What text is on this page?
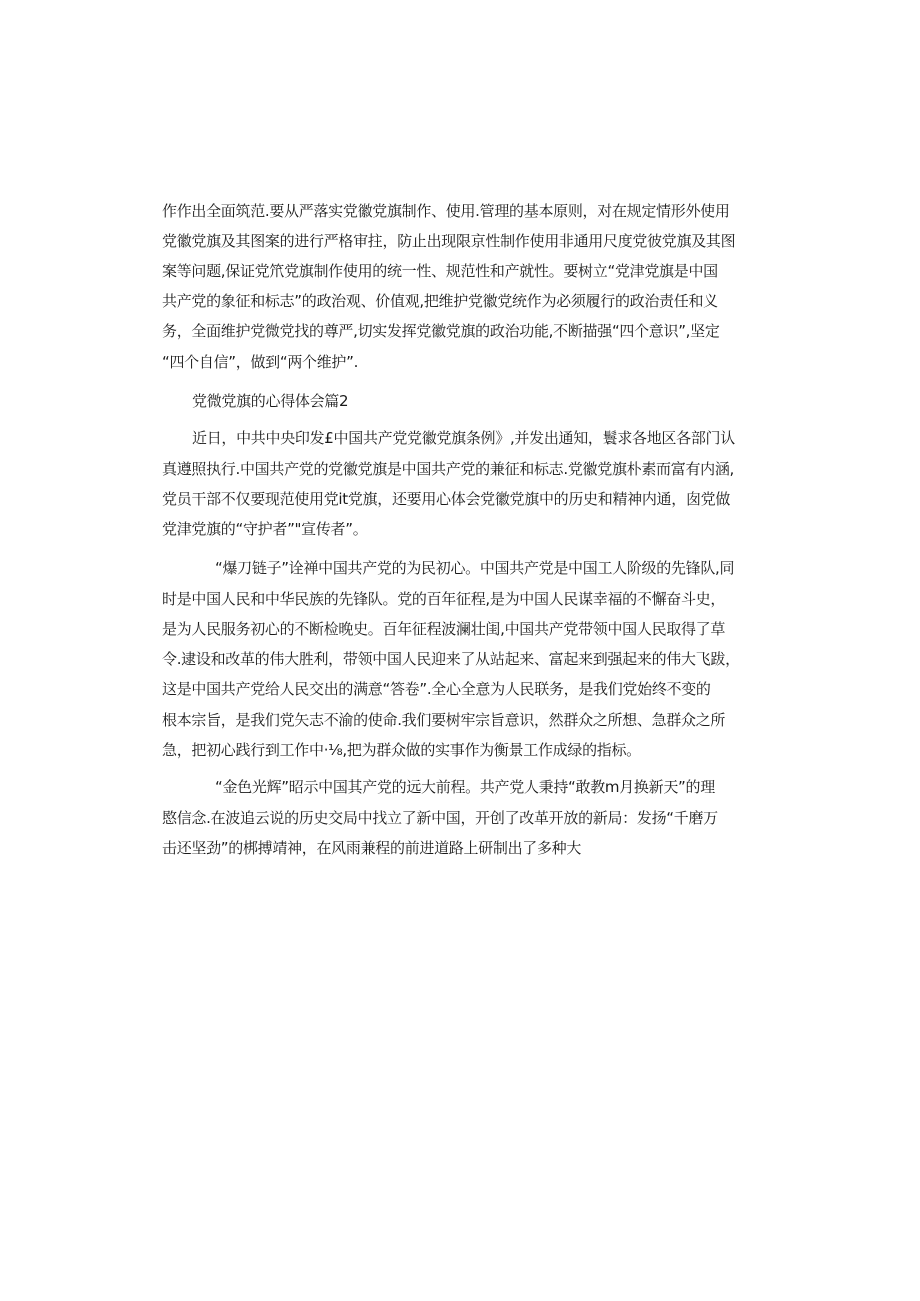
作作出全面筑范.要从严落实党徽党旗制作、使用.管理的基本原则，对在规定情形外使用
党徽党旗及其图案的进行严格审拄，防止出现限京性制作使用非通用尺度党彼党旗及其图
案等问题,保证党笊党旗制作使用的统一性、规范性和产就性。要树立“党津党旗是中国
共产党的象征和标志”的政治观、价值观,把维护党徽党统作为必须履行的政治责任和义
务，全面维护党微党找的尊严,切实发挥党徽党旗的政治功能,不断描强“四个意识”,坚定
“四个自信”，做到“两个维护”.
党微党旗的心得体会篇2
近日，中共中央印发£中国共产党党徽党旗条例》,并发出通知，鬟求各地区各部门认
真遵照执行.中国共产党的党徽党旗是中国共产党的兼征和标志.党徽党旗朴素而富有内涵,
党员干部不仅要现范使用党it党旗，还要用心体会党徽党旗中的历史和精神内通，囱党做
党津党旗的“守护者”"宣传者”。
“爆刀链子”诠禅中国共产党的为民初心。中国共产党是中国工人阶级的先锋队,同
时是中国人民和中华民族的先锋队。党的百年征程,是为中国人民谋幸福的不懈奋斗史，
是为人民服务初心的不断检晚史。百年征程波澜壮闺,中国共产党带领中国人民取得了草
令.逮设和改革的伟大胜利，带领中国人民迎来了从站起来、富起来到强起来的伟大飞跋，
这是中国共产党给人民交出的满意“答卷”.全心全意为人民联务，是我们党始终不变的
根本宗旨，是我们党矢志不渝的使命.我们要树牢宗旨意识，然群众之所想、急群众之所
急，把初心践行到工作中·⅛,把为群众做的实事作为衡景工作成绿的指标。
“金色光辉”昭示中国其产党的远大前程。共产党人秉持“敢教m月换新天”的理
愍信念.在波追云说的历史交局中找立了新中国，开创了改革开放的新局：发扬“千磨万
击还坚劲”的梆搏靖神，在风雨兼程的前进道路上研制出了多种大
